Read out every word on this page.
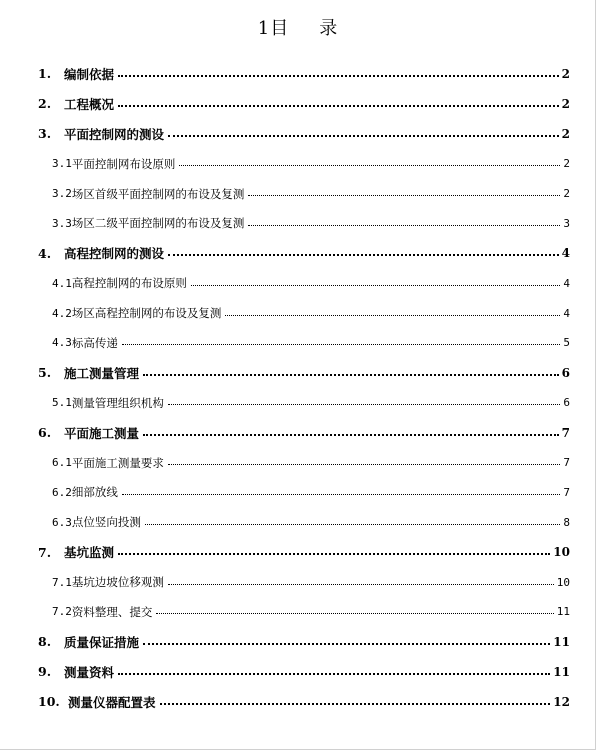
1目 录
1.	编制依据	2
2.	工程概况	2
3.	平面控制网的测设	2
3.1 平面控制网布设原则	2
3.2 场区首级平面控制网的布设及复测	2
3.3 场区二级平面控制网的布设及复测	3
4.	高程控制网的测设	4
4.1 高程控制网的布设原则	4
4.2 场区高程控制网的布设及复测	4
4.3 标高传递	5
5.	施工测量管理	6
5.1 测量管理组织机构	6
6.	平面施工测量	7
6.1 平面施工测量要求	7
6.2 细部放线	7
6.3 点位竖向投测	8
7.	基坑监测	10
7.1 基坑边坡位移观测	10
7.2 资料整理、提交	11
8.	质量保证措施	11
9.	测量资料	11
10. 测量仪器配置表	12
